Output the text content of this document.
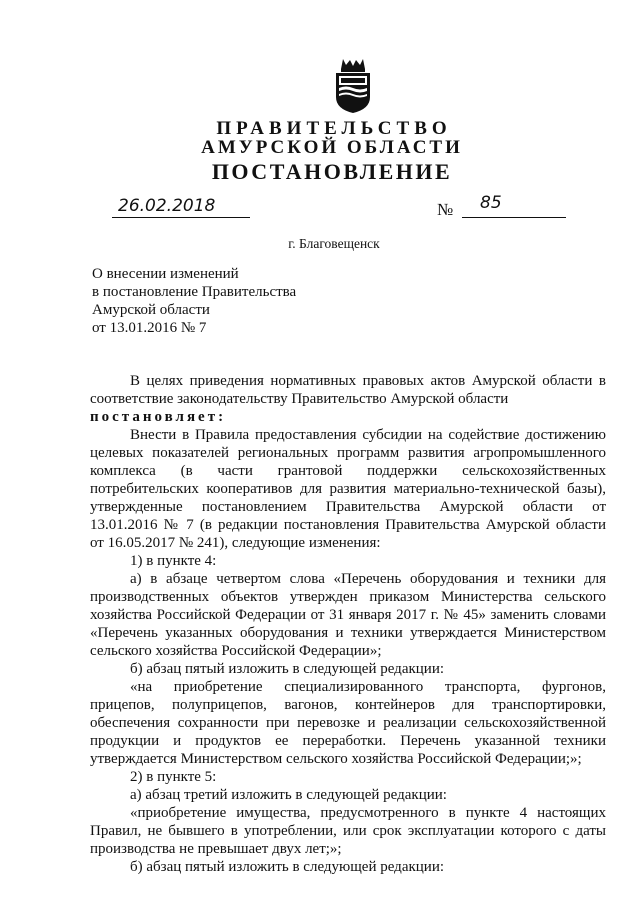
ПРАВИТЕЛЬСТВО
АМУРСКОЙ ОБЛАСТИ
ПОСТАНОВЛЕНИЕ
26.02.2018	№ 85
г. Благовещенск
О внесении изменений
в постановление Правительства
Амурской области
от 13.01.2016 № 7
В целях приведения нормативных правовых актов Амурской области в
соответствие законодательству Правительство Амурской области
постановляет:
Внести в Правила предоставления субсидии на содействие достижению
целевых показателей региональных программ развития агропромышленного
комплекса (в части грантовой поддержки сельскохозяйственных
потребительских кооперативов для развития материально-технической базы),
утвержденные постановлением Правительства Амурской области от
13.01.2016 № 7 (в редакции постановления Правительства Амурской области
от 16.05.2017 № 241), следующие изменения:
1) в пункте 4:
а) в абзаце четвертом слова «Перечень оборудования и техники для
производственных объектов утвержден приказом Министерства сельского
хозяйства Российской Федерации от 31 января 2017 г. № 45» заменить словами
«Перечень указанных оборудования и техники утверждается Министерством
сельского хозяйства Российской Федерации»;
б) абзац пятый изложить в следующей редакции:
«на приобретение специализированного транспорта, фургонов,
прицепов, полуприцепов, вагонов, контейнеров для транспортировки,
обеспечения сохранности при перевозке и реализации сельскохозяйственной
продукции и продуктов ее переработки. Перечень указанной техники
утверждается Министерством сельского хозяйства Российской Федерации;»;
2) в пункте 5:
а) абзац третий изложить в следующей редакции:
«приобретение имущества, предусмотренного в пункте 4 настоящих
Правил, не бывшего в употреблении, или срок эксплуатации которого с даты
производства не превышает двух лет;»;
б) абзац пятый изложить в следующей редакции:
